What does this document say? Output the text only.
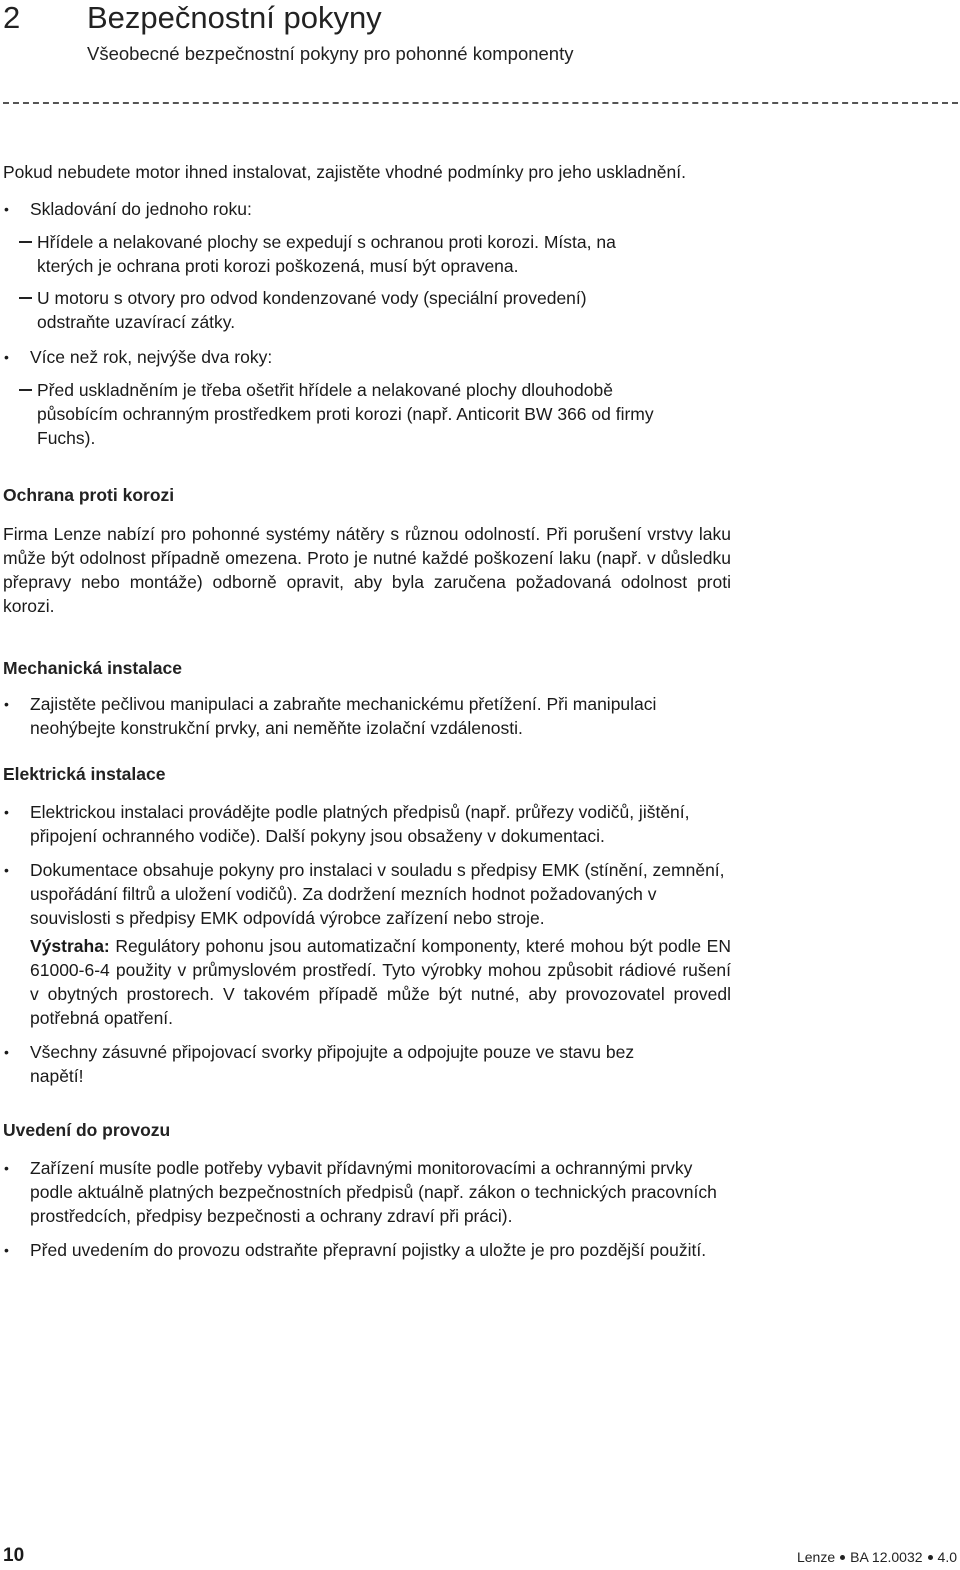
2 Bezpečnostní pokyny
Všeobecné bezpečnostní pokyny pro pohonné komponenty

Pokud nebudete motor ihned instalovat, zajistěte vhodné podmínky pro jeho uskladnění.

• Skladování do jednoho roku:

Hřídele a nelakované plochy se expedují s ochranou proti korozi. Místa, na kterých je ochrana proti korozi poškozená, musí být opravena.

U motoru s otvory pro odvod kondenzované vody (speciální provedení) odstraňte uzavírací zátky.

• Více než rok, nejvýše dva roky:

Před uskladněním je třeba ošetřit hřídele a nelakované plochy dlouhodobě působícím ochranným prostředkem proti korozi (např. Anticorit BW 366 od firmy Fuchs).

Ochrana proti korozi

Firma Lenze nabízí pro pohonné systémy nátěry s různou odolností. Při porušení vrstvy laku může být odolnost případně omezena. Proto je nutné každé poškození laku (např. v důsledku přepravy nebo montáže) odborně opravit, aby byla zaručena požadovaná odolnost proti korozi.

Mechanická instalace

• Zajistěte pečlivou manipulaci a zabraňte mechanickému přetížení. Při manipulaci neohýbejte konstrukční prvky, ani neměňte izolační vzdálenosti.

Elektrická instalace

• Elektrickou instalaci provádějte podle platných předpisů (např. průřezy vodičů, jištění, připojení ochranného vodiče). Další pokyny jsou obsaženy v dokumentaci.

• Dokumentace obsahuje pokyny pro instalaci v souladu s předpisy EMK (stínění, zemnění, uspořádání filtrů a uložení vodičů). Za dodržení mezních hodnot požadovaných v souvislosti s předpisy EMK odpovídá výrobce zařízení nebo stroje.

Výstraha: Regulátory pohonu jsou automatizační komponenty, které mohou být podle EN 61000-6-4 použity v průmyslovém prostředí. Tyto výrobky mohou způsobit rádiové rušení v obytných prostorech. V takovém případě může být nutné, aby provozovatel provedl potřebná opatření.

• Všechny zásuvné připojovací svorky připojujte a odpojujte pouze ve stavu bez napětí!

Uvedení do provozu

• Zařízení musíte podle potřeby vybavit přídavnými monitorovacími a ochrannými prvky podle aktuálně platných bezpečnostních předpisů (např. zákon o technických pracovních prostředcích, předpisy bezpečnosti a ochrany zdraví při práci).

• Před uvedením do provozu odstraňte přepravní pojistky a uložte je pro pozdější použití.

10	Lenze BA 12.0032 4.0
